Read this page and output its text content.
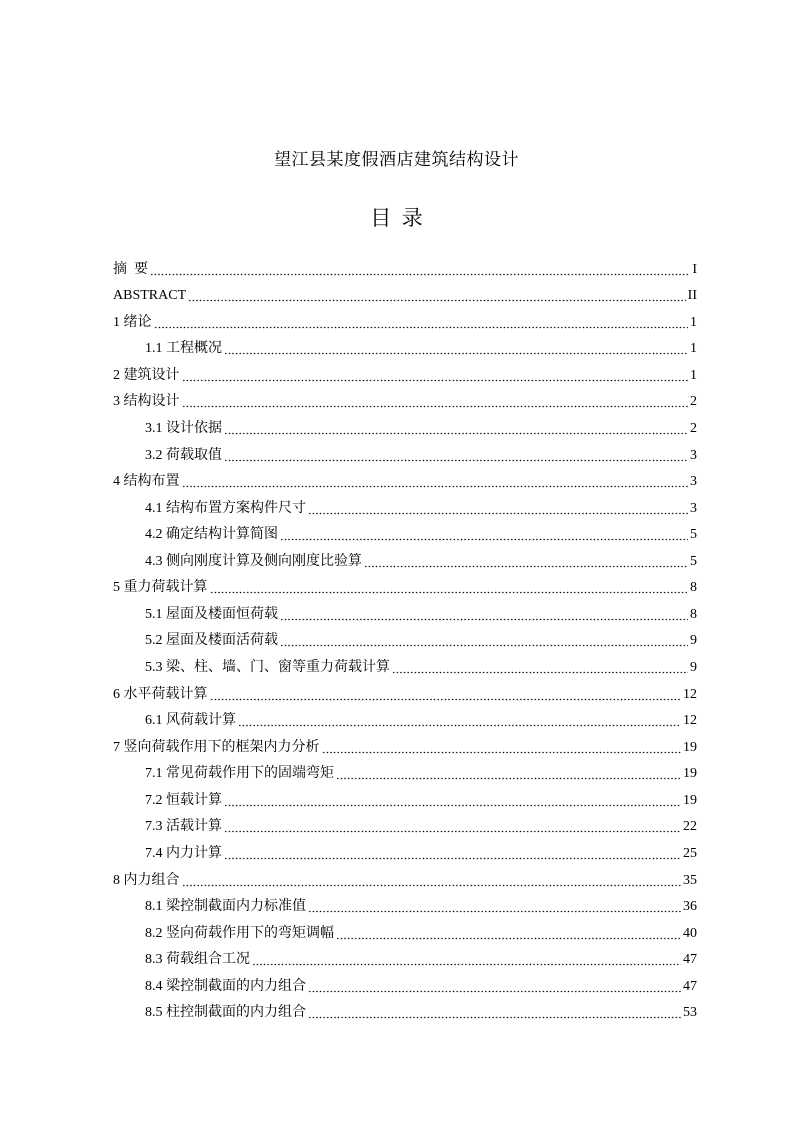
望江县某度假酒店建筑结构设计
目  录
摘  要	I
ABSTRACT	II
1 绪论	1
1.1 工程概况	1
2 建筑设计	1
3 结构设计	2
3.1 设计依据	2
3.2 荷载取值	3
4 结构布置	3
4.1 结构布置方案构件尺寸	3
4.2 确定结构计算简图	5
4.3 侧向刚度计算及侧向刚度比验算	5
5 重力荷载计算	8
5.1 屋面及楼面恒荷载	8
5.2 屋面及楼面活荷载	9
5.3 梁、柱、墙、门、窗等重力荷载计算	9
6 水平荷载计算	12
6.1 风荷载计算	12
7 竖向荷载作用下的框架内力分析	19
7.1 常见荷载作用下的固端弯矩	19
7.2 恒载计算	19
7.3 活载计算	22
7.4 内力计算	25
8 内力组合	35
8.1 梁控制截面内力标准值	36
8.2 竖向荷载作用下的弯矩调幅	40
8.3 荷载组合工况	47
8.4 梁控制截面的内力组合	47
8.5 柱控制截面的内力组合	53
